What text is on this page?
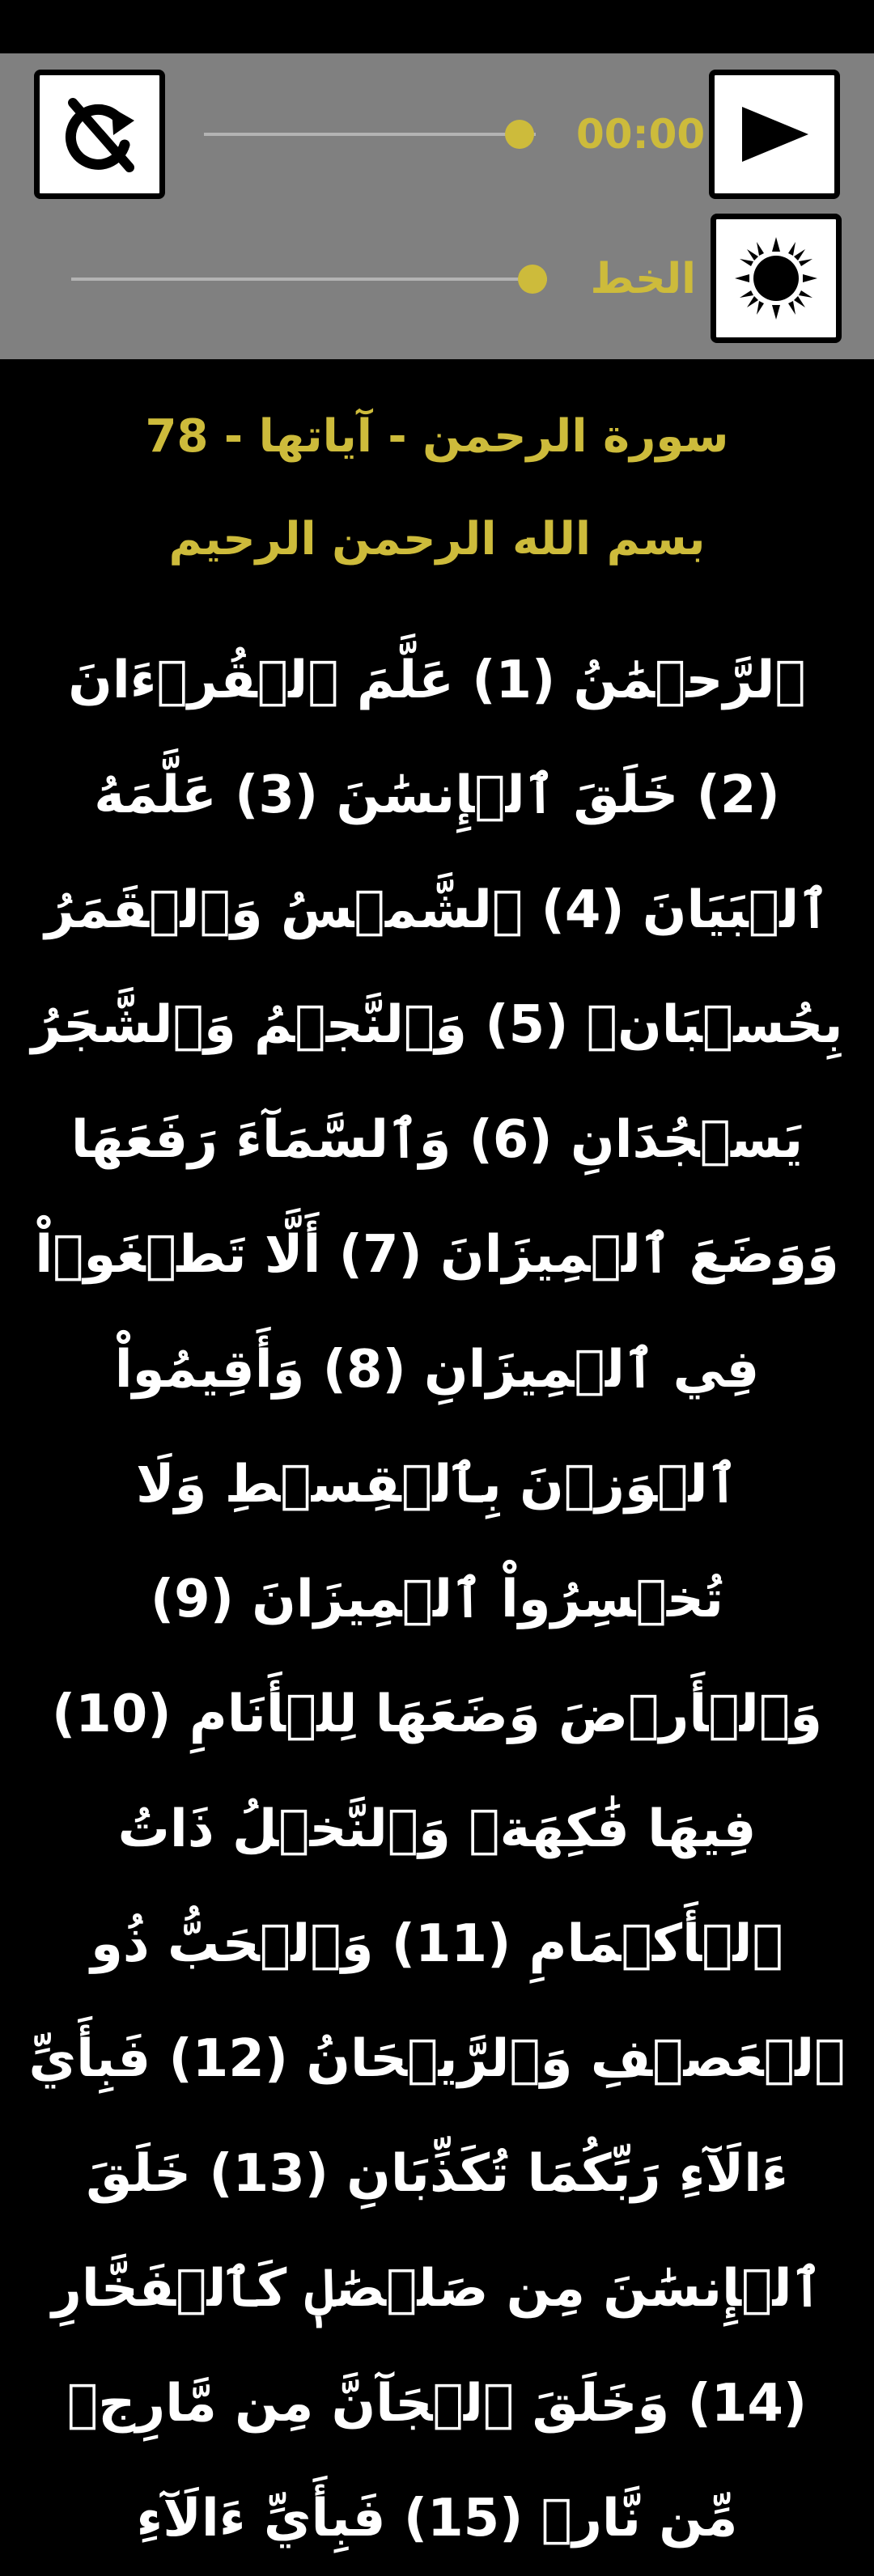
00:00
الخط
سورة الرحمن - آياتها - 78
بسم الله الرحمن الرحيم

ٱلرَّحۡمَٰنُ (1) عَلَّمَ ٱلۡقُرۡءَانَ (2) خَلَقَ ٱلۡإِنسَٰنَ (3) عَلَّمَهُ ٱلۡبَيَانَ (4) ٱلشَّمۡسُ وَٱلۡقَمَرُ بِحُسۡبَانٖ (5) وَٱلنَّجۡمُ وَٱلشَّجَرُ يَسۡجُدَانِ (6) وَٱلسَّمَآءَ رَفَعَهَا وَوَضَعَ ٱلۡمِيزَانَ (7) أَلَّا تَطۡغَوۡاْ فِي ٱلۡمِيزَانِ (8) وَأَقِيمُواْ ٱلۡوَزۡنَ بِٱلۡقِسۡطِ وَلَا تُخۡسِرُواْ ٱلۡمِيزَانَ (9) وَٱلۡأَرۡضَ وَضَعَهَا لِلۡأَنَامِ (10) فِيهَا فَٰكِهَةٞ وَٱلنَّخۡلُ ذَاتُ ٱلۡأَكۡمَامِ (11) وَٱلۡحَبُّ ذُو ٱلۡعَصۡفِ وَٱلرَّيۡحَانُ (12) فَبِأَيِّ ءَالَآءِ رَبِّكُمَا تُكَذِّبَانِ (13) خَلَقَ ٱلۡإِنسَٰنَ مِن صَلۡصَٰلٖ كَٱلۡفَخَّارِ (14) وَخَلَقَ ٱلۡجَآنَّ مِن مَّارِجٖ مِّن نَّارٖ (15) فَبِأَيِّ ءَالَآءِ
